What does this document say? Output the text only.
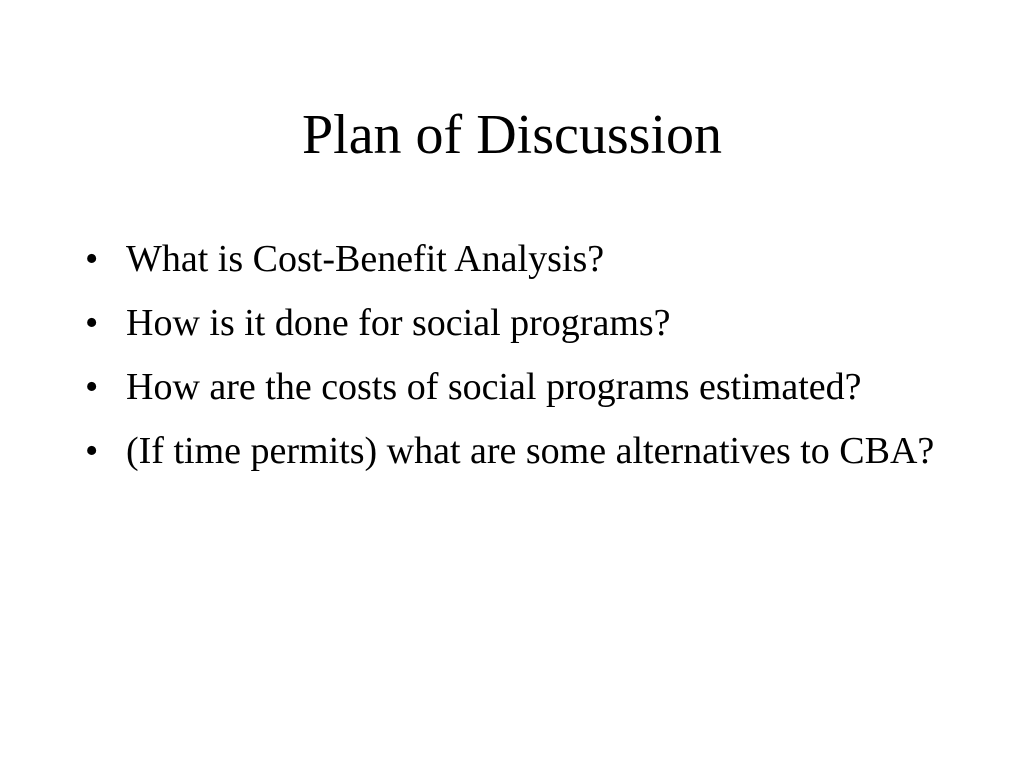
Plan of Discussion
• What is Cost-Benefit Analysis?
• How is it done for social programs?
• How are the costs of social programs estimated?
• (If time permits) what are some alternatives to CBA?
